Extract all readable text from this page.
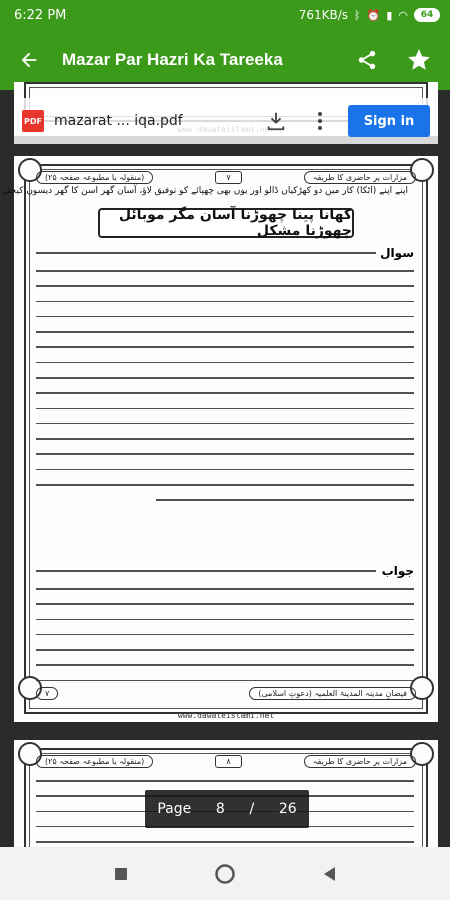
6:22 PM	761KB/s ᛒ ⏰ ▮ ◠	64
Mazar Par Hazri Ka Tareeka
(منقولہ یا مطبوعہ صفحہ ۲۵)	۷	مزارات پر حاضری کا طریقہ
اپنے اپنے (اٹکا) کار میں دو کھڑکیاں ڈالو اور یوں بھی چھپائے کو توفیق لاؤ، آسان گھر اسن کا گھر دیسوں کیجئے
کھانا پینا چھوڑنا آسان مگر موبائل چھوڑنا مشکل
سوال
جواب
۷	فیضانِ مدینہ المدینۃ العلمیہ (دعوتِ اسلامی)
www.dawateislami.net
(منقولہ یا مطبوعہ صفحہ ۲۵)	۸	مزارات پر حاضری کا طریقہ
PDF mazarat ... iqa.pdf	Sign in
Page 8 / 26
